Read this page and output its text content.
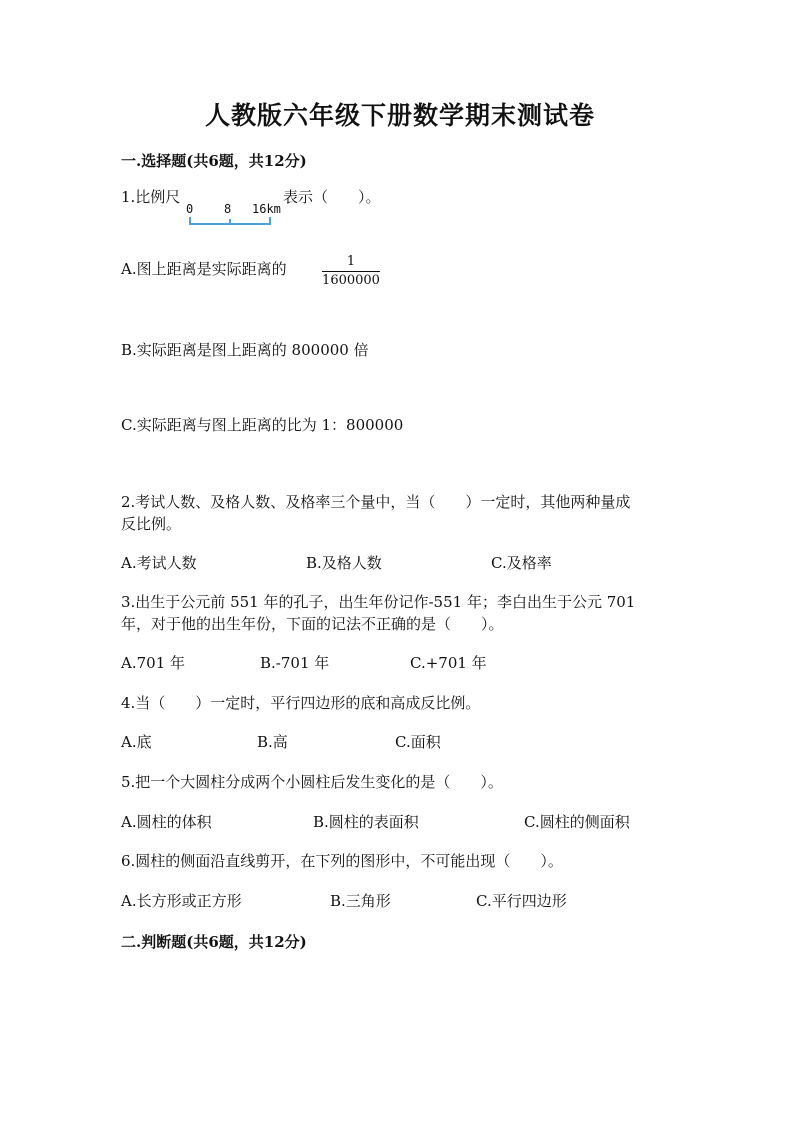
人教版六年级下册数学期末测试卷
一.选择题(共6题，共12分)
1.比例尺
0	8 16km
表示（　　）。
A.图上距离是实际距离的	1
1600000
B.实际距离是图上距离的 800000 倍
C.实际距离与图上距离的比为 1：800000
2.考试人数、及格人数、及格率三个量中，当（　　）一定时，其他两种量成
反比例。
A.考试人数	B.及格人数	C.及格率
3.出生于公元前 551 年的孔子，出生年份记作-551 年；李白出生于公元 701
年，对于他的出生年份，下面的记法不正确的是（　　）。
A.701 年	B.-701 年	C.+701 年
4.当（　　）一定时，平行四边形的底和高成反比例。
A.底	B.高	C.面积
5.把一个大圆柱分成两个小圆柱后发生变化的是（　　）。
A.圆柱的体积	B.圆柱的表面积	C.圆柱的侧面积
6.圆柱的侧面沿直线剪开，在下列的图形中，不可能出现（　　）。
A.长方形或正方形	B.三角形	C.平行四边形
二.判断题(共6题，共12分)
